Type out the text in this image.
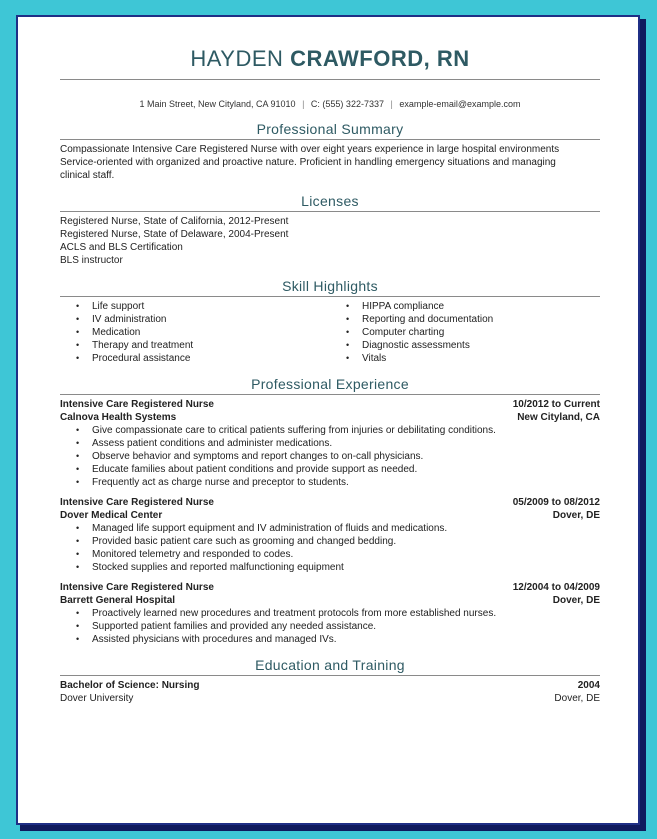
HAYDEN CRAWFORD, RN
1 Main Street, New Cityland, CA 91010 | C: (555) 322-7337 | example-email@example.com
Professional Summary
Compassionate Intensive Care Registered Nurse with over eight years experience in large hospital environments
Service-oriented with organized and proactive nature. Proficient in handling emergency situations and managing
clinical staff.
Licenses
Registered Nurse, State of California, 2012-Present
Registered Nurse, State of Delaware, 2004-Present
ACLS and BLS Certification
BLS instructor
Skill Highlights
• Life support
• IV administration
• Medication
• Therapy and treatment
• Procedural assistance
• HIPPA compliance
• Reporting and documentation
• Computer charting
• Diagnostic assessments
• Vitals
Professional Experience
Intensive Care Registered Nurse	10/2012 to Current
Calnova Health Systems	New Cityland, CA
• Give compassionate care to critical patients suffering from injuries or debilitating conditions.
• Assess patient conditions and administer medications.
• Observe behavior and symptoms and report changes to on-call physicians.
• Educate families about patient conditions and provide support as needed.
• Frequently act as charge nurse and preceptor to students.
Intensive Care Registered Nurse	05/2009 to 08/2012
Dover Medical Center	Dover, DE
• Managed life support equipment and IV administration of fluids and medications.
• Provided basic patient care such as grooming and changed bedding.
• Monitored telemetry and responded to codes.
• Stocked supplies and reported malfunctioning equipment
Intensive Care Registered Nurse	12/2004 to 04/2009
Barrett General Hospital	Dover, DE
• Proactively learned new procedures and treatment protocols from more established nurses.
• Supported patient families and provided any needed assistance.
• Assisted physicians with procedures and managed IVs.
Education and Training
Bachelor of Science: Nursing	2004
Dover University	Dover, DE
